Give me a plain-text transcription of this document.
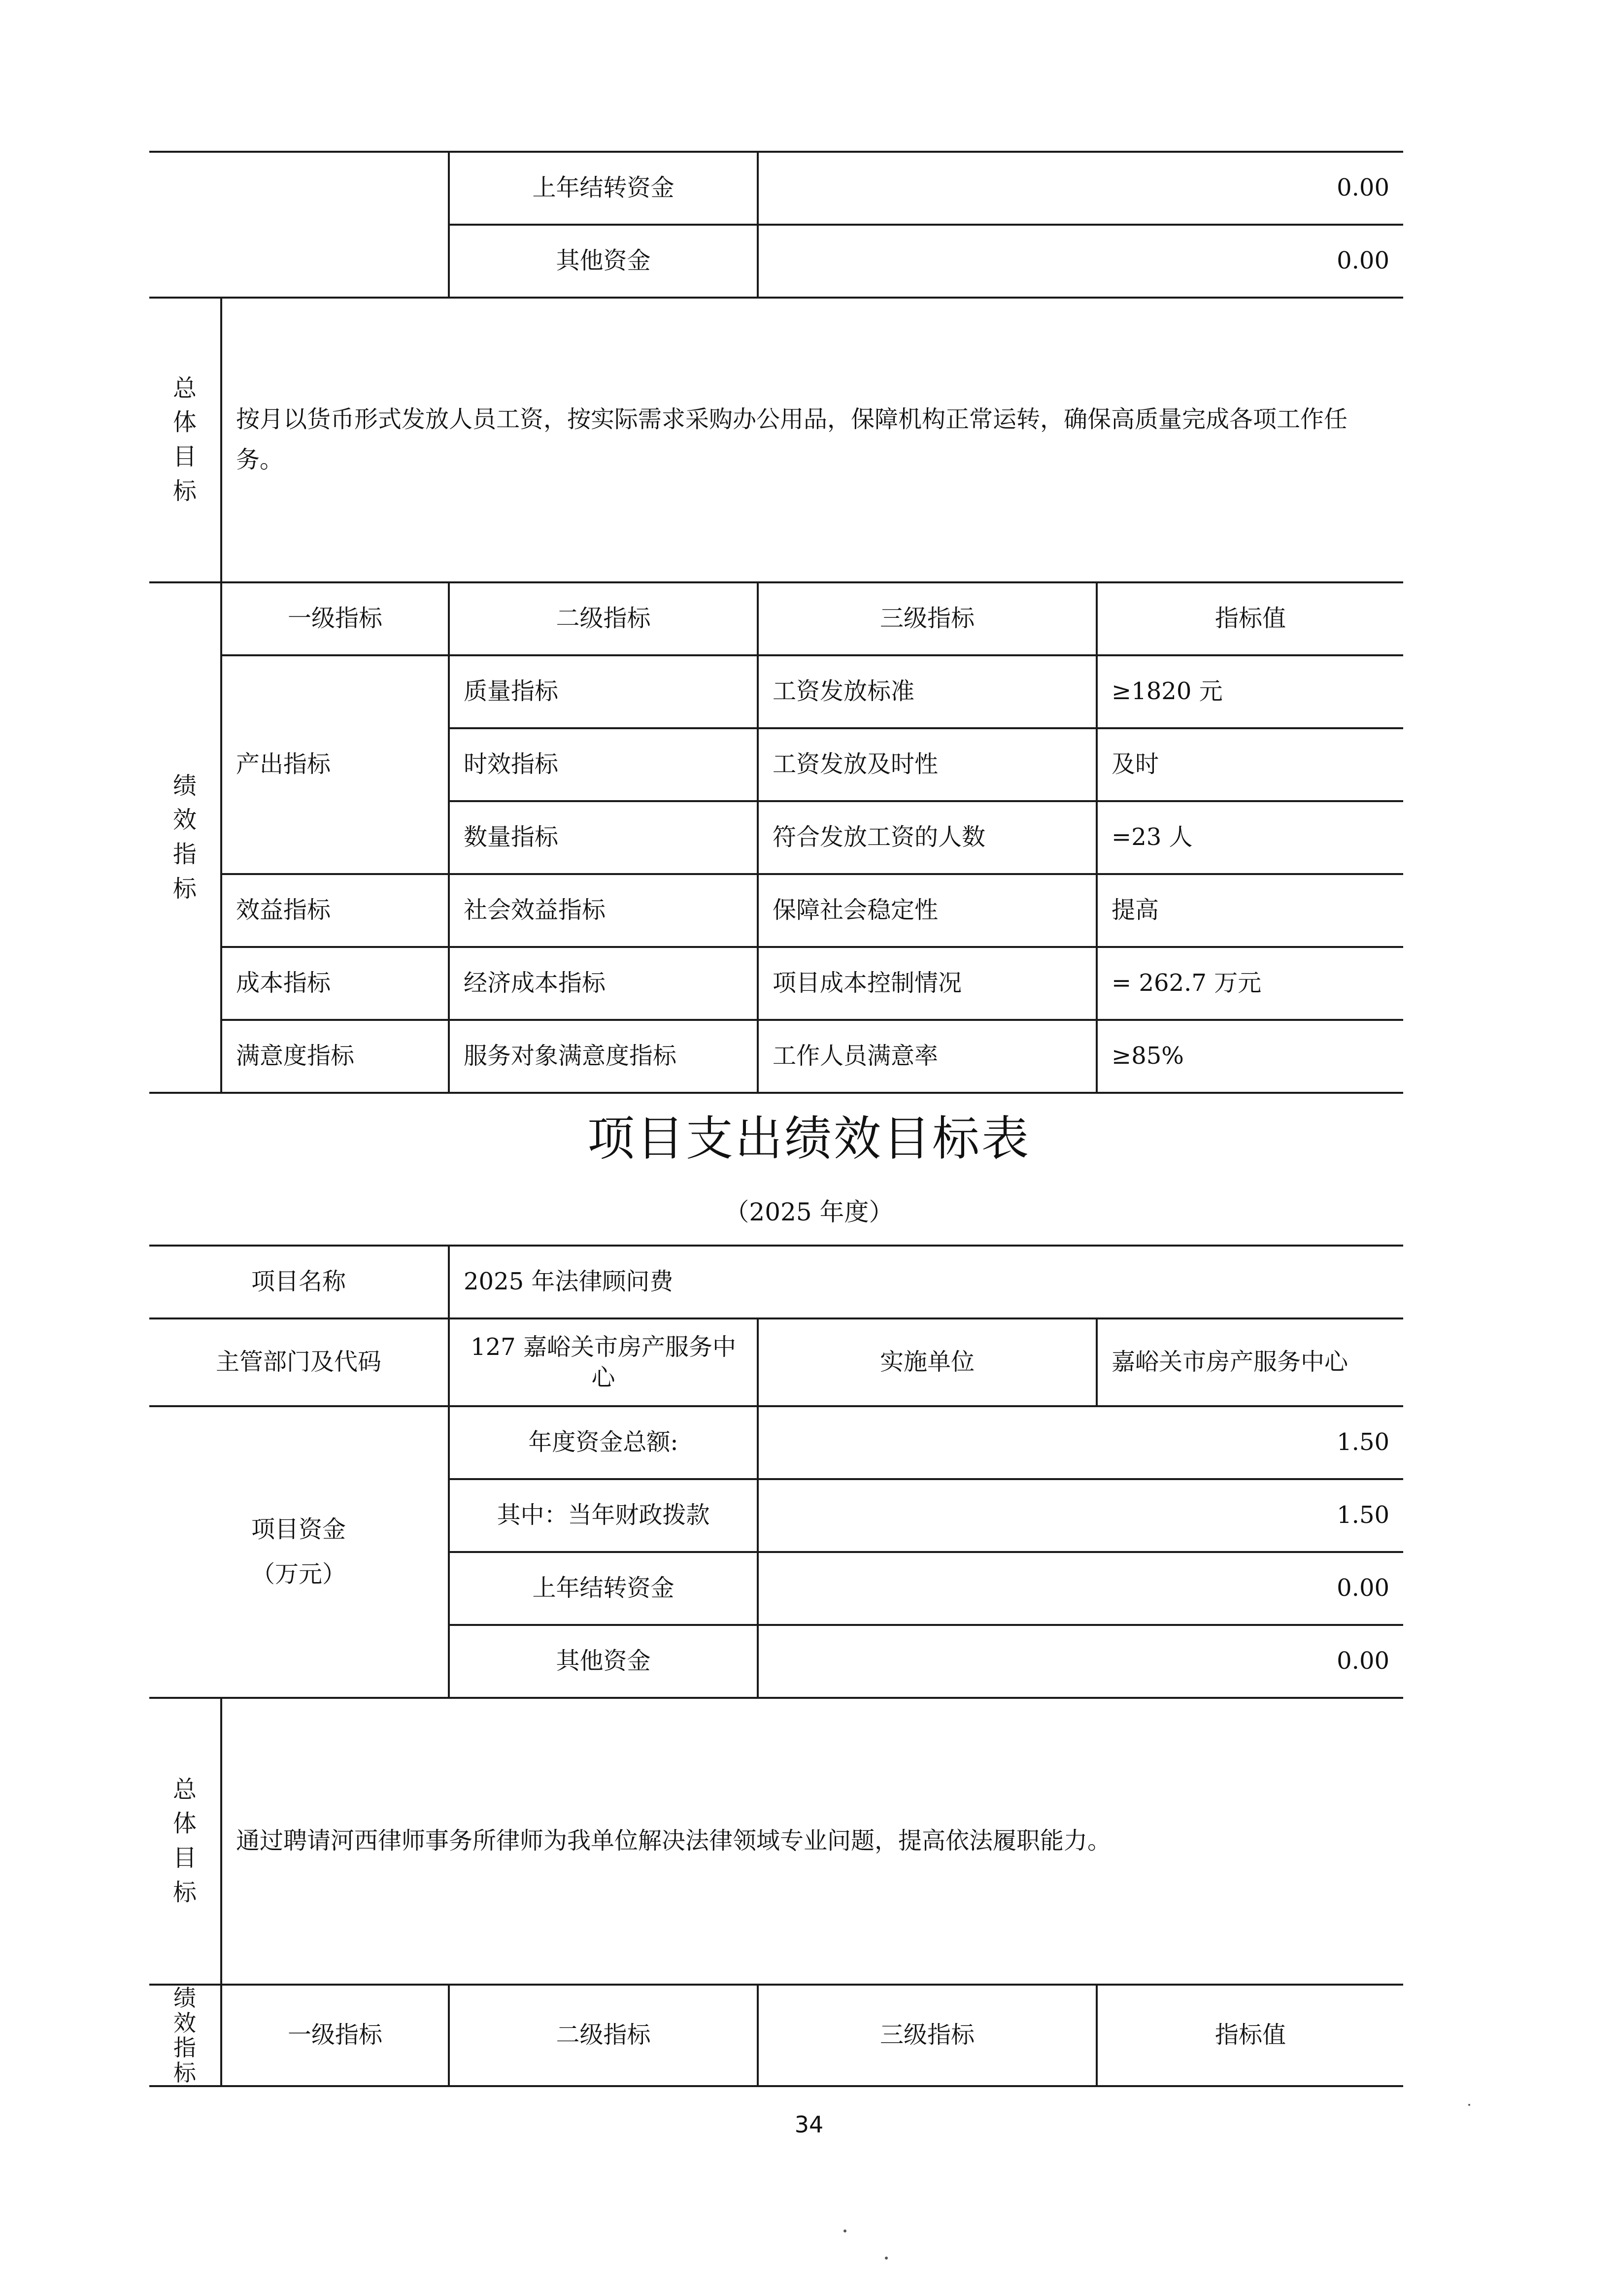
		上年结转资金	0.00	
		其他资金	0.00	

总
体
目
标	按月以货币形式发放人员工资，按实际需求采购办公用品，保障机构正常运转，确保高质量完成各项工作任务。			

绩
效
指
标	一级指标	二级指标	三级指标	指标值
	产出指标	质量指标	工资发放标准	≥1820 元
		时效指标	工资发放及时性	及时
		数量指标	符合发放工资的人数	=23 人
	效益指标	社会效益指标	保障社会稳定性	提高
	成本指标	经济成本指标	项目成本控制情况	= 262.7 万元
	满意度指标	服务对象满意度指标	工作人员满意率	≥85%
项目支出绩效目标表
（2025 年度）
项目名称		2025 年法律顾问费		
主管部门及代码		127 嘉峪关市房产服务中心	实施单位	嘉峪关市房产服务中心
项目资金
（万元）		年度资金总额:	1.50	
		其中：当年财政拨款	1.50	
		上年结转资金	0.00	
		其他资金	0.00	

总
体
目
标	通过聘请河西律师事务所律师为我单位解决法律领域专业问题，提高依法履职能力。			

绩
效
指
标	一级指标	二级指标	三级指标	指标值
34
